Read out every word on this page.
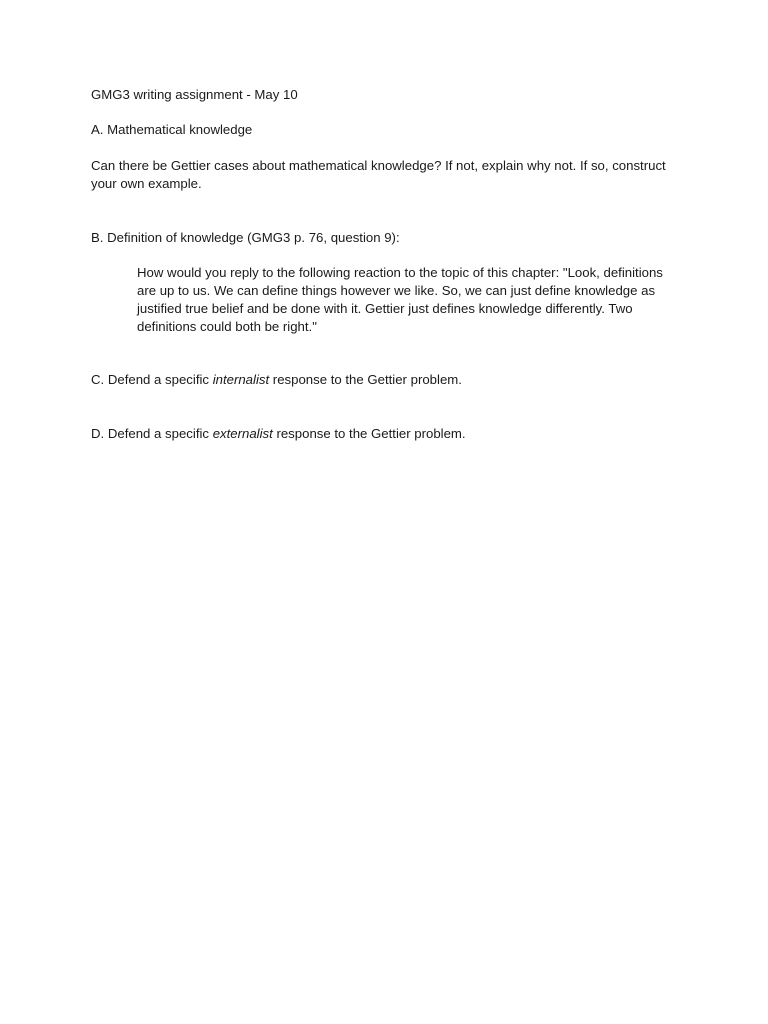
GMG3 writing assignment - May 10

A. Mathematical knowledge

Can there be Gettier cases about mathematical knowledge? If not, explain why not. If so, construct your own example.

B. Definition of knowledge (GMG3 p. 76, question 9):

How would you reply to the following reaction to the topic of this chapter: "Look, definitions are up to us. We can define things however we like. So, we can just define knowledge as justified true belief and be done with it. Gettier just defines knowledge differently. Two definitions could both be right."

C. Defend a specific internalist response to the Gettier problem.

D. Defend a specific externalist response to the Gettier problem.
